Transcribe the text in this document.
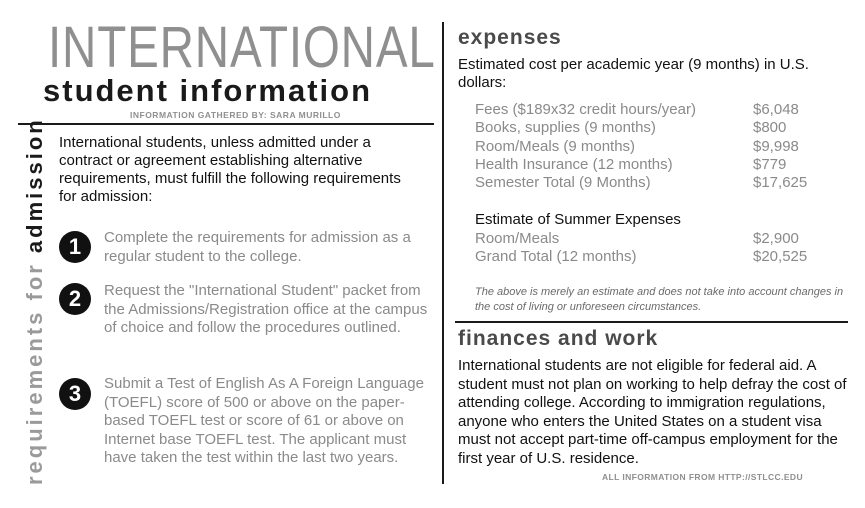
INTERNATIONAL
student information
INFORMATION GATHERED BY: SARA MURILLO
requirements for admission International students, unless admitted under a contract or agreement establishing alternative requirements, must fulfill the following requirements for admission:
1	Complete the requirements for admission as a regular student to the college.
2	Request the "International Student" packet from the Admissions/Registration office at the campus of choice and follow the procedures outlined.
3	Submit a Test of English As A Foreign Language (TOEFL) score of 500 or above on the paper-based TOEFL test or score of 61 or above on Internet base TOEFL test. The applicant must have taken the test within the last two years.
expenses
Estimated cost per academic year (9 months) in U.S. dollars:
Fees ($189x32 credit hours/year)	$6,048
Books, supplies (9 months)	$800
Room/Meals (9 months)	$9,998
Health Insurance (12 months)	$779
Semester Total (9 Months)	$17,625
Estimate of Summer Expenses
Room/Meals	$2,900
Grand Total (12 months)	$20,525
The above is merely an estimate and does not take into account changes in the cost of living or unforeseen circumstances.
finances and work
International students are not eligible for federal aid. A student must not plan on working to help defray the cost of attending college. According to immigration regulations, anyone who enters the United States on a student visa must not accept part-time off-campus employment for the first year of U.S. residence.
ALL INFORMATION FROM HTTP://STLCC.EDU
